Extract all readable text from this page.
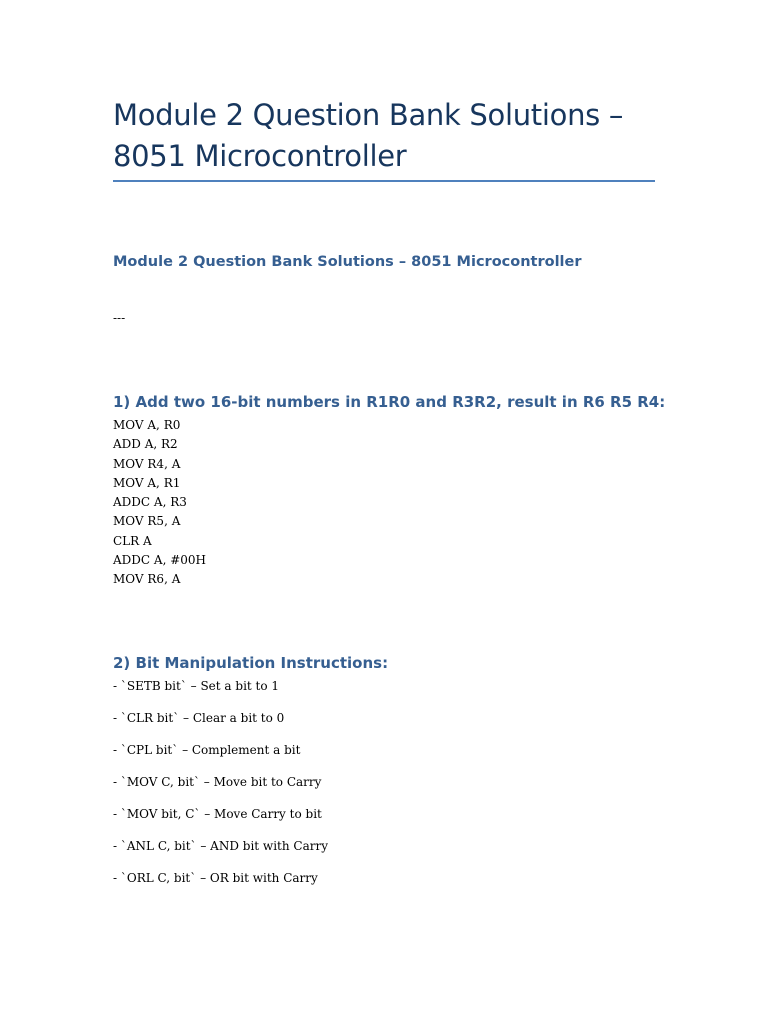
Module 2 Question Bank Solutions – 8051 Microcontroller
Module 2 Question Bank Solutions – 8051 Microcontroller
---
1) Add two 16-bit numbers in R1R0 and R3R2, result in R6 R5 R4:
MOV A, R0
ADD A, R2
MOV R4, A
MOV A, R1
ADDC A, R3
MOV R5, A
CLR A
ADDC A, #00H
MOV R6, A
2) Bit Manipulation Instructions:
- `SETB bit` – Set a bit to 1
- `CLR bit` – Clear a bit to 0
- `CPL bit` – Complement a bit
- `MOV C, bit` – Move bit to Carry
- `MOV bit, C` – Move Carry to bit
- `ANL C, bit` – AND bit with Carry
- `ORL C, bit` – OR bit with Carry
